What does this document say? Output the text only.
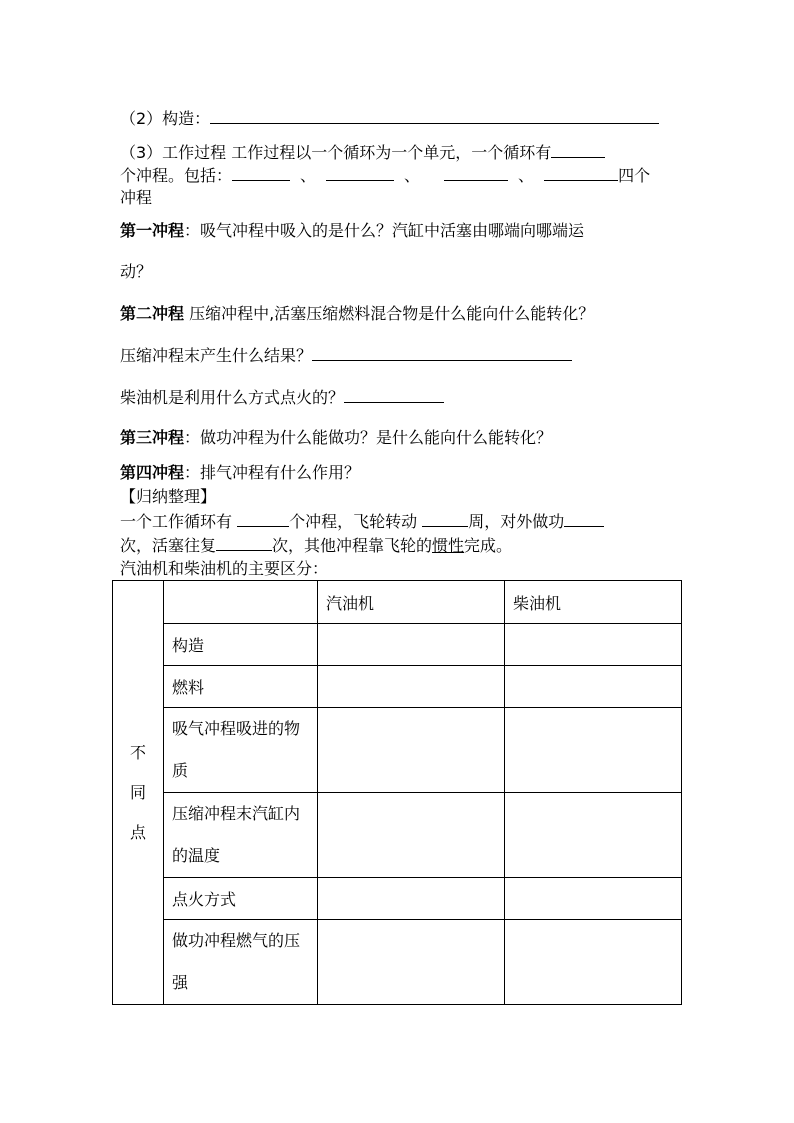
（2）构造：
（3）工作过程 工作过程以一个循环为一个单元，一个循环有
个冲程。包括：	、	、	、	四个
冲程
第一冲程：吸气冲程中吸入的是什么？汽缸中活塞由哪端向哪端运
动？
第二冲程 压缩冲程中,活塞压缩燃料混合物是什么能向什么能转化？
压缩冲程末产生什么结果？
柴油机是利用什么方式点火的？
第三冲程：做功冲程为什么能做功？是什么能向什么能转化？
第四冲程：排气冲程有什么作用？
【归纳整理】
一个工作循环有	个冲程，飞轮转动	周，对外做功
次，活塞往复	次，其他冲程靠飞轮的惯性完成。
汽油机和柴油机的主要区分：
不
同
点		汽油机	柴油机
	构造		
	燃料		
	吸气冲程吸进的物质		
	压缩冲程末汽缸内的温度		
	点火方式		
	做功冲程燃气的压强		
